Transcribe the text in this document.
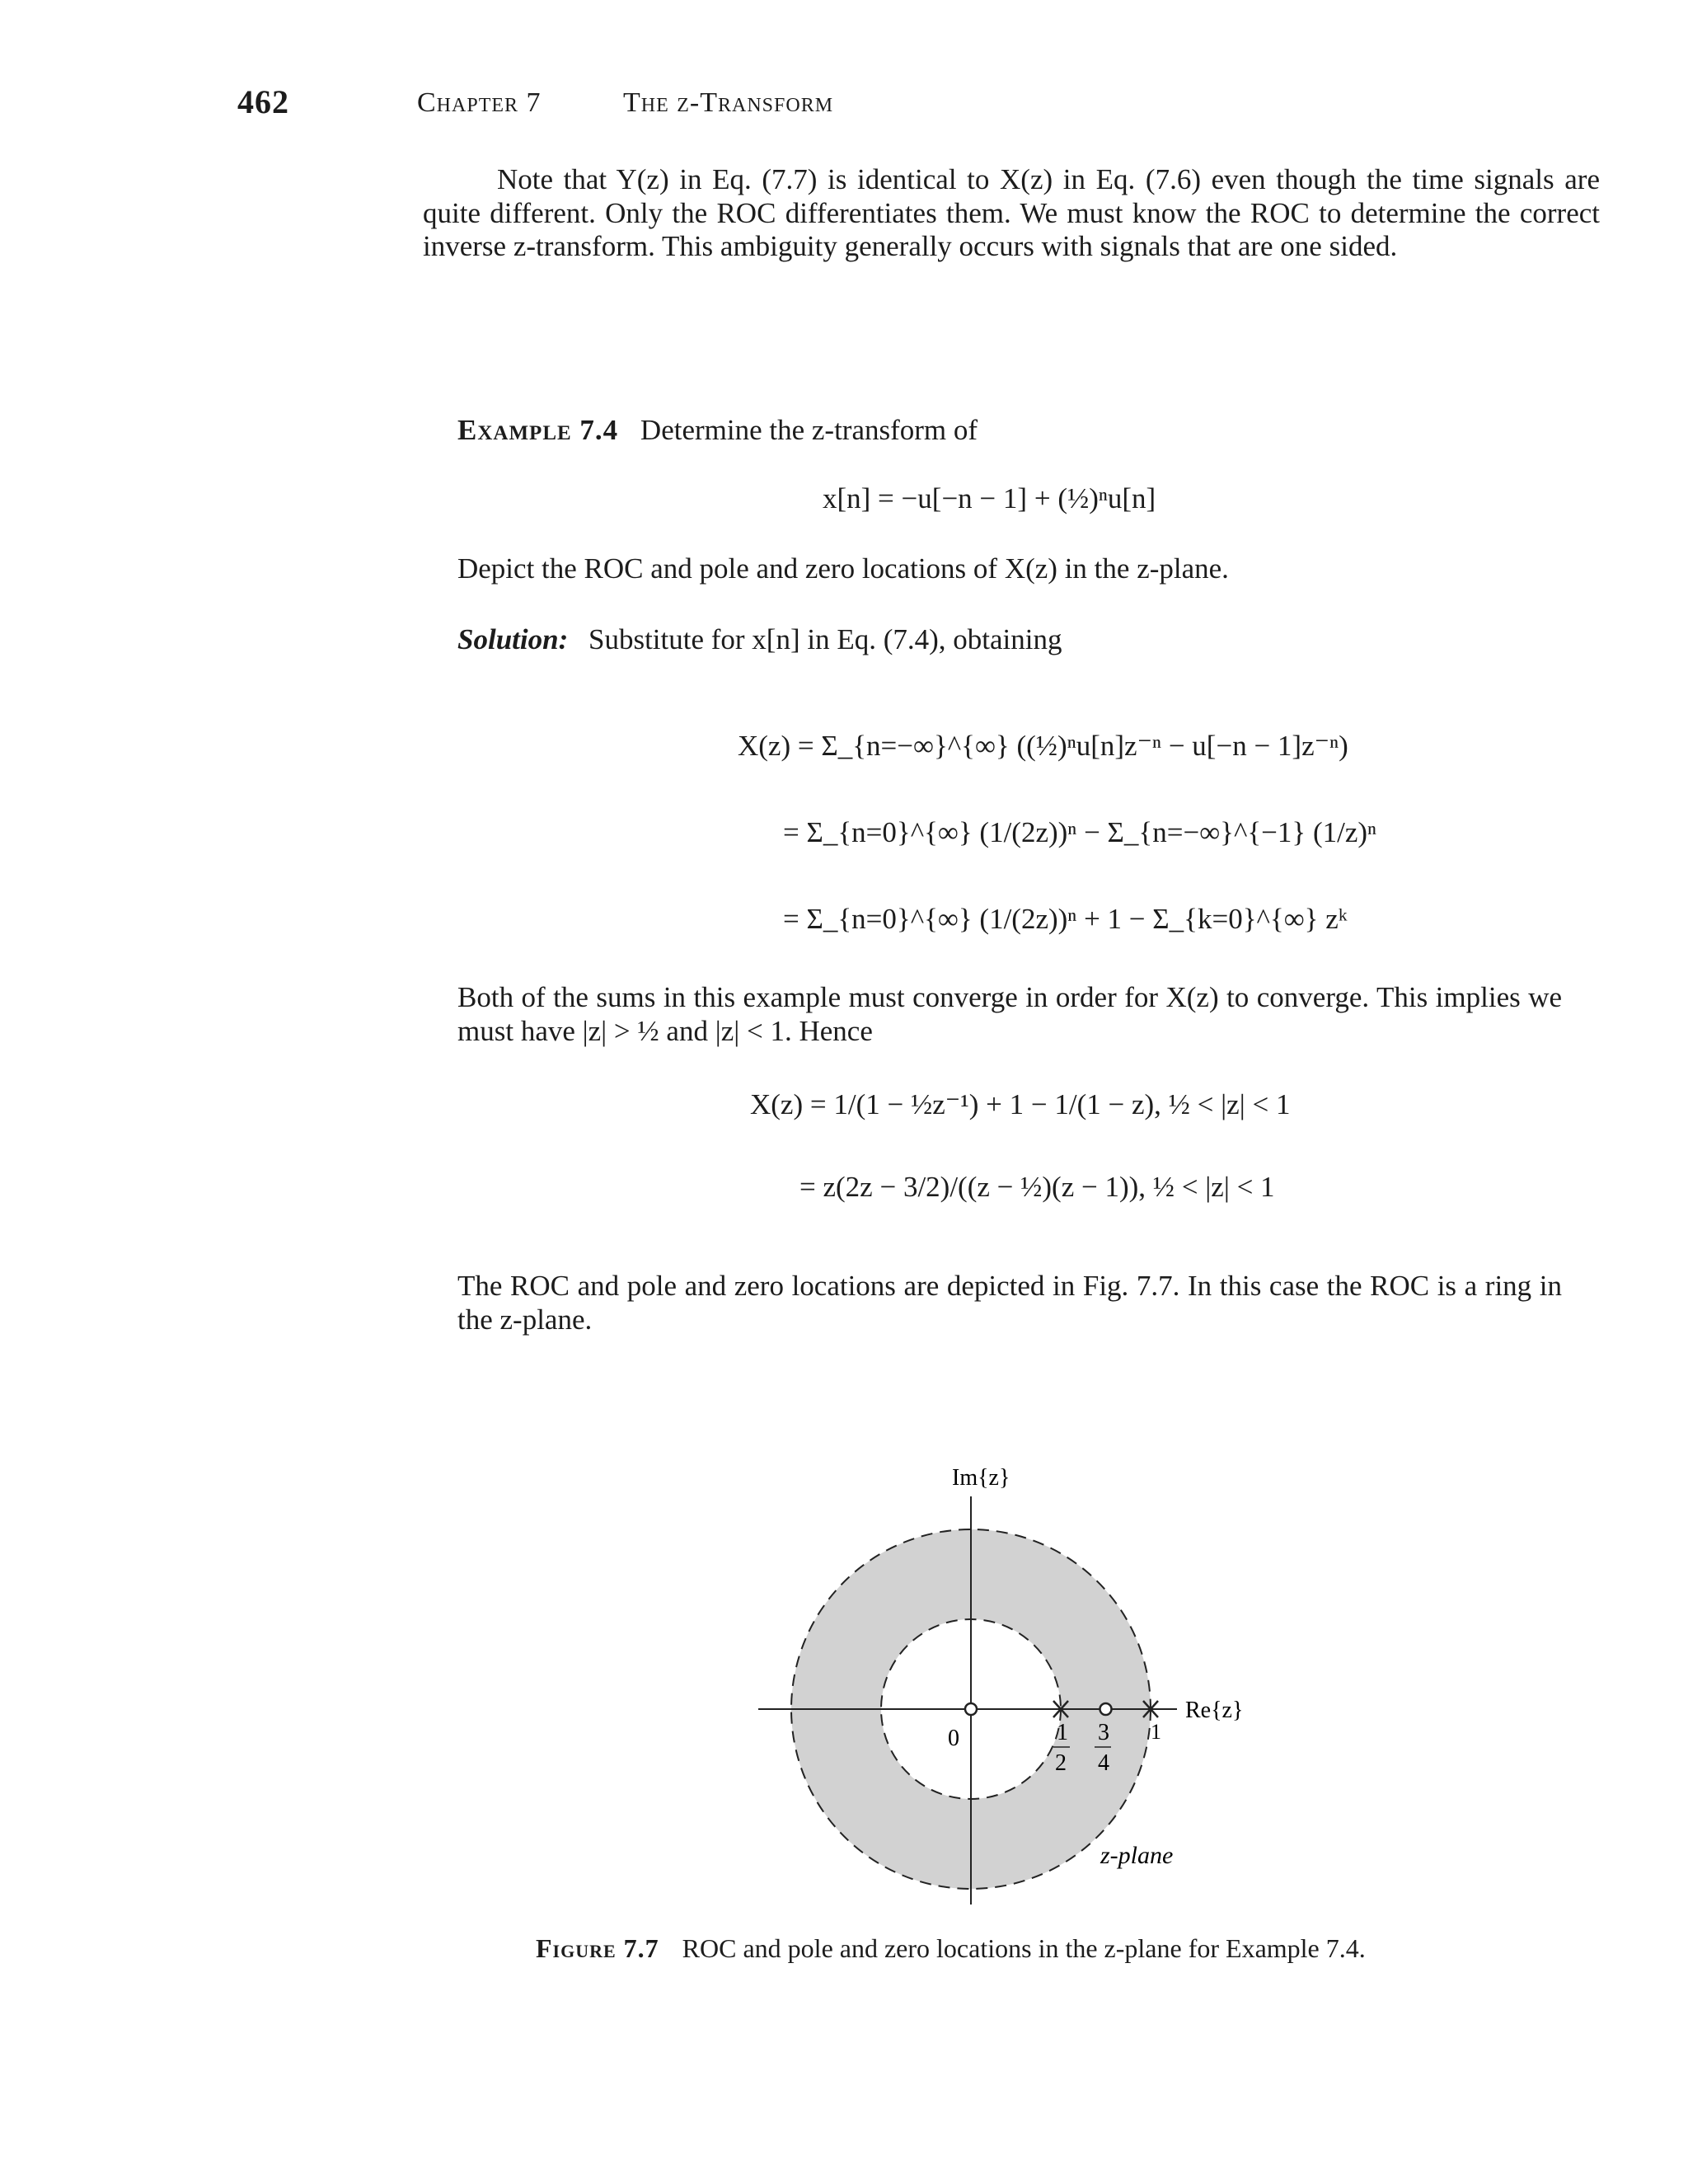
462	Chapter 7	The z-Transform
Note that Y(z) in Eq. (7.7) is identical to X(z) in Eq. (7.6) even though the time signals are quite different. Only the ROC differentiates them. We must know the ROC to determine the correct inverse z-transform. This ambiguity generally occurs with signals that are one sided.
Example 7.4 Determine the z-transform of
x[n] = −u[−n − 1] + (½)ⁿu[n]
Depict the ROC and pole and zero locations of X(z) in the z-plane.
Solution: Substitute for x[n] in Eq. (7.4), obtaining
X(z) = Σ_{n=−∞}^{∞} ((½)ⁿu[n]z⁻ⁿ − u[−n − 1]z⁻ⁿ)
= Σ_{n=0}^{∞} (1/(2z))ⁿ − Σ_{n=−∞}^{−1} (1/z)ⁿ
= Σ_{n=0}^{∞} (1/(2z))ⁿ + 1 − Σ_{k=0}^{∞} zᵏ
Both of the sums in this example must converge in order for X(z) to converge. This implies we must have |z| > ½ and |z| < 1. Hence
X(z) = 1/(1 − ½z⁻¹) + 1 − 1/(1 − z), ½ < |z| < 1
= z(2z − 3/2)/((z − ½)(z − 1)), ½ < |z| < 1
The ROC and pole and zero locations are depicted in Fig. 7.7. In this case the ROC is a ring in the z-plane.
Im{z}
Re{z}
0	1
2
3
4
1
z-plane
Figure 7.7 ROC and pole and zero locations in the z-plane for Example 7.4.
